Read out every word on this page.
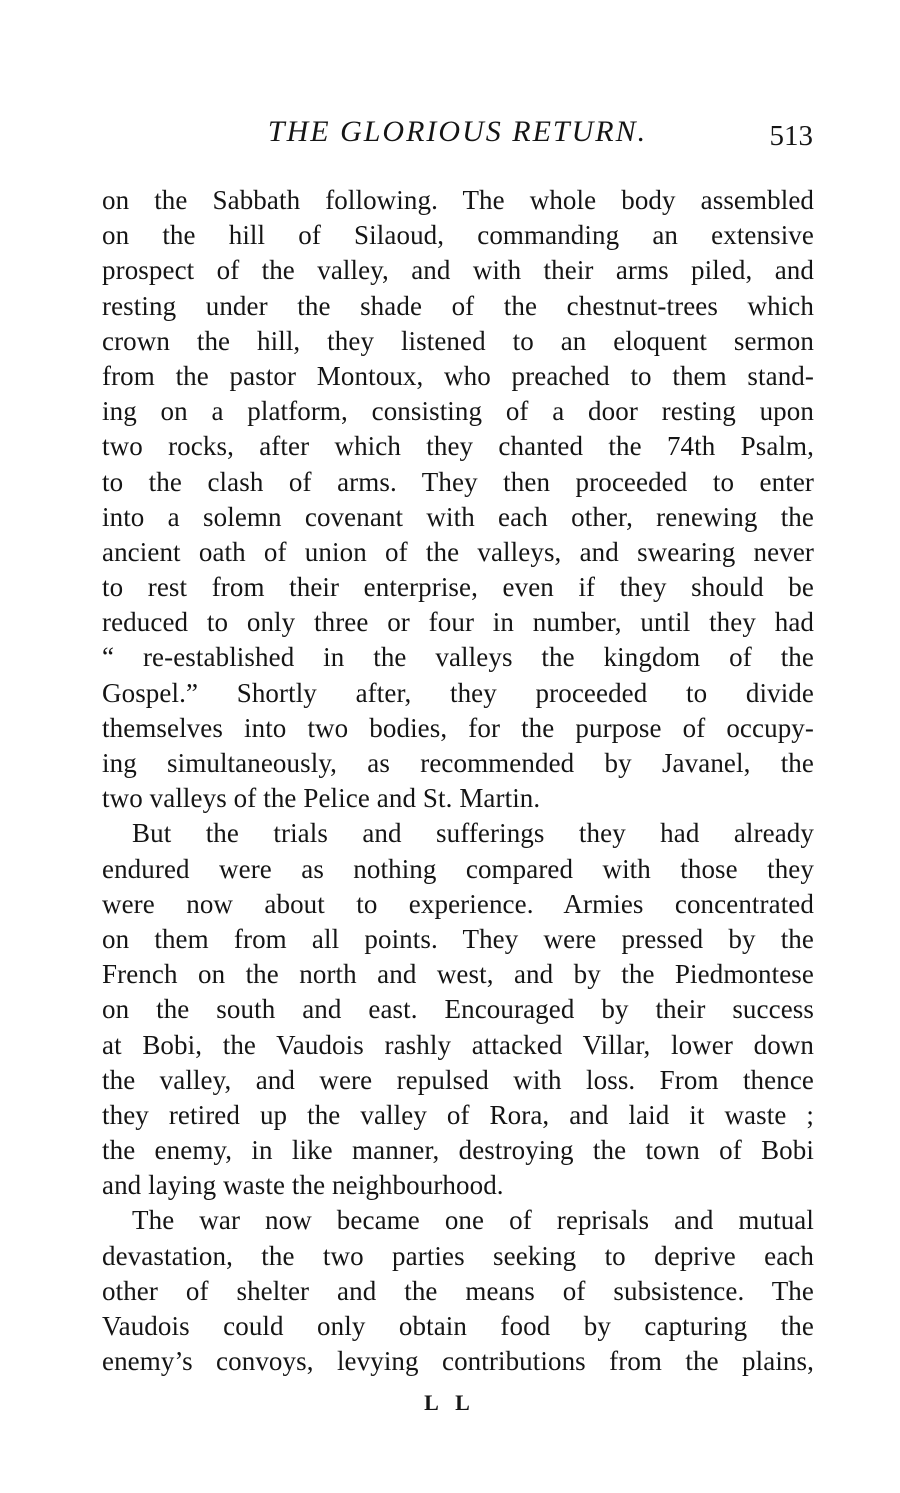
THE GLORIOUS RETURN.	513
on the Sabbath following. The whole body assembled
on the hill of Silaoud, commanding an extensive
prospect of the valley, and with their arms piled, and
resting under the shade of the chestnut-trees which
crown the hill, they listened to an eloquent sermon
from the pastor Montoux, who preached to them stand-
ing on a platform, consisting of a door resting upon
two rocks, after which they chanted the 74th Psalm,
to the clash of arms. They then proceeded to enter
into a solemn covenant with each other, renewing the
ancient oath of union of the valleys, and swearing never
to rest from their enterprise, even if they should be
reduced to only three or four in number, until they had
“ re-established in the valleys the kingdom of the
Gospel.” Shortly after, they proceeded to divide
themselves into two bodies, for the purpose of occupy-
ing simultaneously, as recommended by Javanel, the
two valleys of the Pelice and St. Martin.
But the trials and sufferings they had already
endured were as nothing compared with those they
were now about to experience. Armies concentrated
on them from all points. They were pressed by the
French on the north and west, and by the Piedmontese
on the south and east. Encouraged by their success
at Bobi, the Vaudois rashly attacked Villar, lower down
the valley, and were repulsed with loss. From thence
they retired up the valley of Rora, and laid it waste ;
the enemy, in like manner, destroying the town of Bobi
and laying waste the neighbourhood.
The war now became one of reprisals and mutual
devastation, the two parties seeking to deprive each
other of shelter and the means of subsistence. The
Vaudois could only obtain food by capturing the
enemy’s convoys, levying contributions from the plains,
L L
